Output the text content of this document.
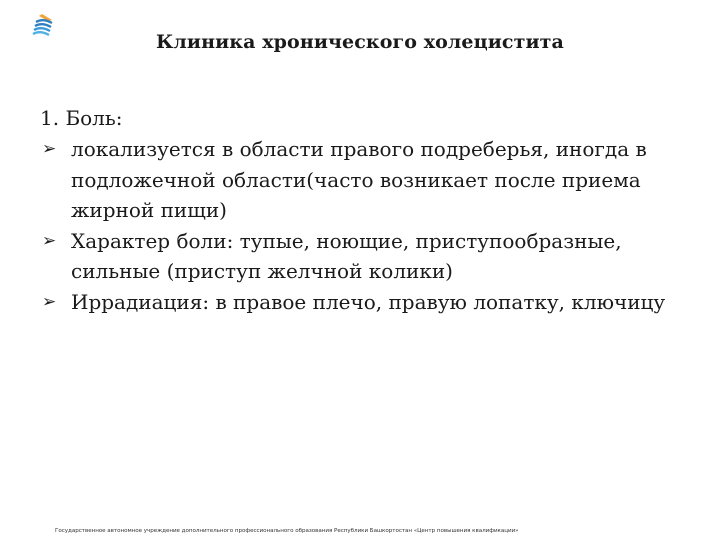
Клиника хронического холецистита
1. Боль:
➢ локализуется в области правого подреберья, иногда в подложечной области(часто возникает после приема жирной пищи)
➢ Характер боли: тупые, ноющие, приступообразные, сильные (приступ желчной колики)
➢ Иррадиация: в правое плечо, правую лопатку, ключицу
Государственное автономное учреждение дополнительного профессионального образования Республики Башкортостан «Центр повышения квалификации»
